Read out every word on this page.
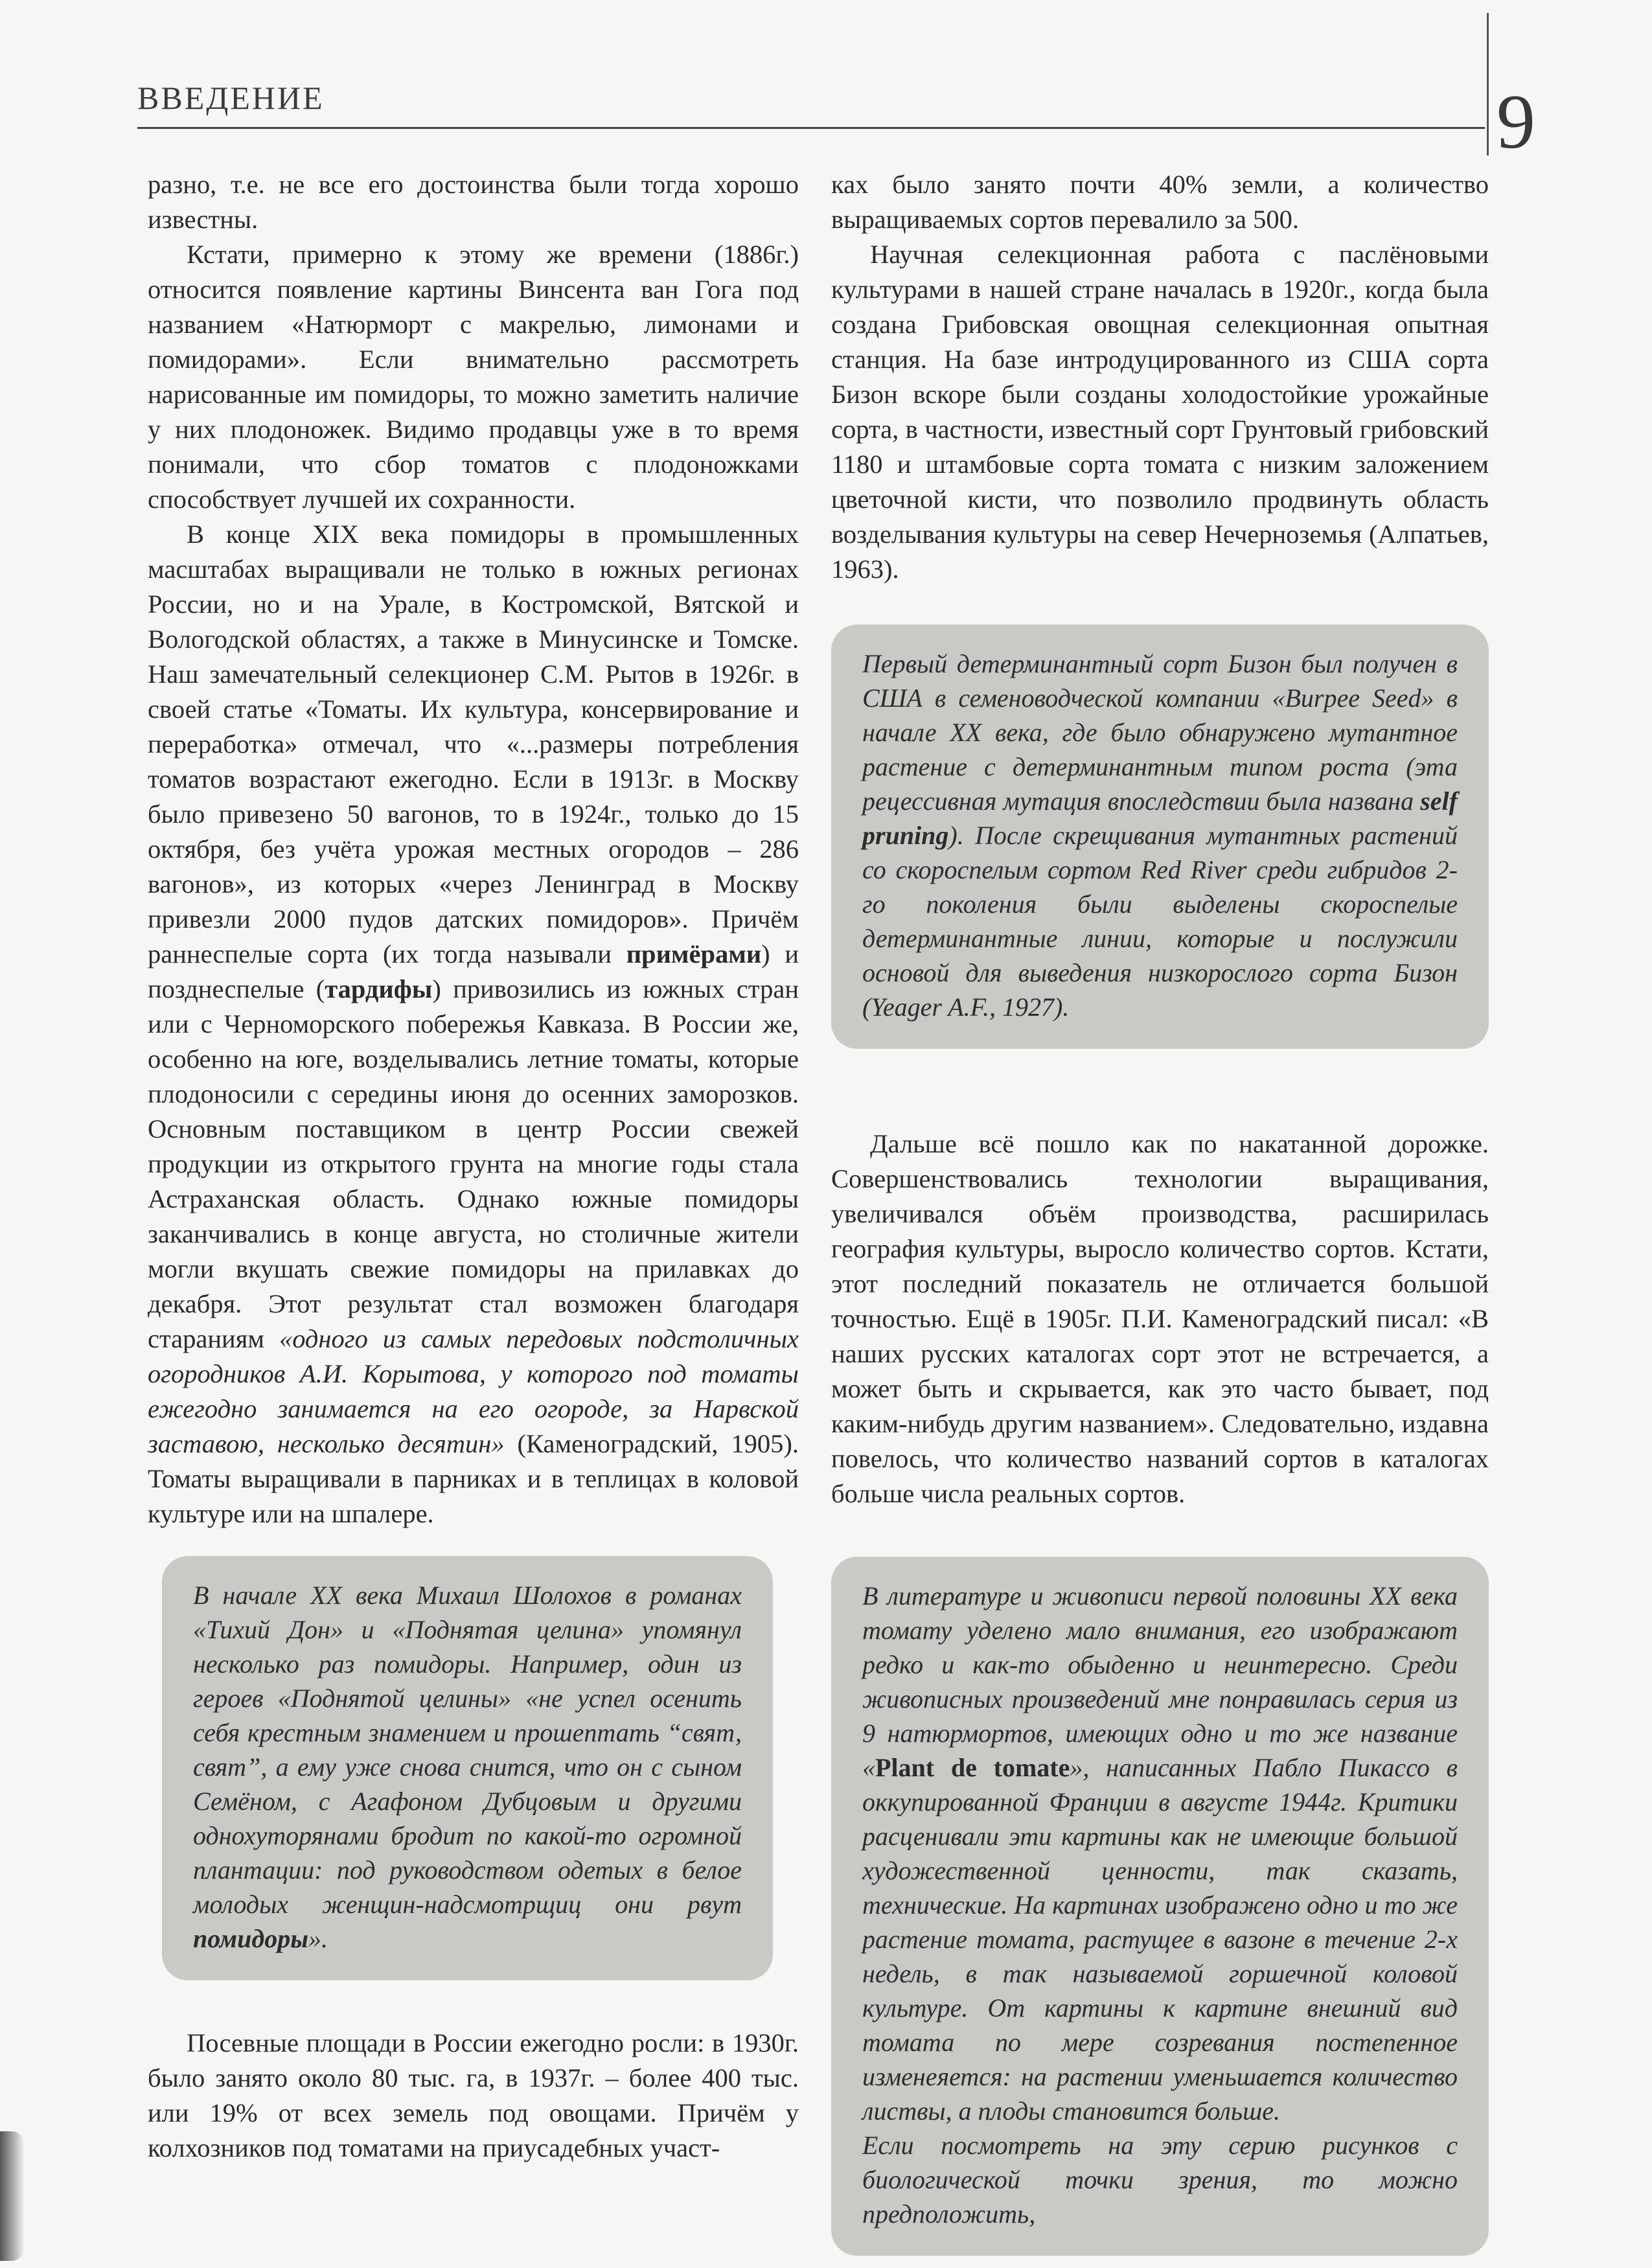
ВВЕДЕНИЕ	9

разно, т.е. не все его достоинства были тогда хорошо известны.

Кстати, примерно к этому же времени (1886г.) относится появление картины Винсента ван Гога под названием «Натюрморт с макрелью, лимонами и помидорами». Если внимательно рассмотреть нарисованные им помидоры, то можно заметить наличие у них плодоножек. Видимо продавцы уже в то время понимали, что сбор томатов с плодоножками способствует лучшей их сохранности.

В конце XIX века помидоры в промышленных масштабах выращивали не только в южных регионах России, но и на Урале, в Костромской, Вятской и Вологодской областях, а также в Минусинске и Томске. Наш замечательный селекционер С.М. Рытов в 1926г. в своей статье «Томаты. Их культура, консервирование и переработка» отмечал, что «...размеры потребления томатов возрастают ежегодно. Если в 1913г. в Москву было привезено 50 вагонов, то в 1924г., только до 15 октября, без учёта урожая местных огородов – 286 вагонов», из которых «через Ленинград в Москву привезли 2000 пудов датских помидоров». Причём раннеспелые сорта (их тогда называли примёрами) и позднеспелые (тардифы) привозились из южных стран или с Черноморского побережья Кавказа. В России же, особенно на юге, возделывались летние томаты, которые плодоносили с середины июня до осенних заморозков. Основным поставщиком в центр России свежей продукции из открытого грунта на многие годы стала Астраханская область. Однако южные помидоры заканчивались в конце августа, но столичные жители могли вкушать свежие помидоры на прилавках до декабря. Этот результат стал возможен благодаря стараниям «одного из самых передовых подстоличных огородников А.И. Корытова, у которого под томаты ежегодно занимается на его огороде, за Нарвской заставою, несколько десятин» (Каменоградский, 1905). Томаты выращивали в парниках и в теплицах в коловой культуре или на шпалере.

В начале XX века Михаил Шолохов в романах «Тихий Дон» и «Поднятая целина» упомянул несколько раз помидоры. Например, один из героев «Поднятой целины» «не успел осенить себя крестным знамением и прошептать “свят, свят”, а ему уже снова снится, что он с сыном Семёном, с Агафоном Дубцовым и другими однохуторянами бродит по какой-то огромной плантации: под руководством одетых в белое молодых женщин-надсмотрщиц они рвут помидоры».

Посевные площади в России ежегодно росли: в 1930г. было занято около 80 тыс. га, в 1937г. – более 400 тыс. или 19% от всех земель под овощами. Причём у колхозников под томатами на приусадебных участ-

ках было занято почти 40% земли, а количество выращиваемых сортов перевалило за 500.

Научная селекционная работа с паслёновыми культурами в нашей стране началась в 1920г., когда была создана Грибовская овощная селекционная опытная станция. На базе интродуцированного из США сорта Бизон вскоре были созданы холодостойкие урожайные сорта, в частности, известный сорт Грунтовый грибовский 1180 и штамбовые сорта томата с низким заложением цветочной кисти, что позволило продвинуть область возделывания культуры на север Нечерноземья (Алпатьев, 1963).

Первый детерминантный сорт Бизон был получен в США в семеноводческой компании «Burpee Seed» в начале XX века, где было обнаружено мутантное растение с детерминантным типом роста (эта рецессивная мутация впоследствии была названа self pruning). После скрещивания мутантных растений со скороспелым сортом Red River среди гибридов 2-го поколения были выделены скороспелые детерминантные линии, которые и послужили основой для выведения низкорослого сорта Бизон (Yeager A.F., 1927).

Дальше всё пошло как по накатанной дорожке. Совершенствовались технологии выращивания, увеличивался объём производства, расширилась география культуры, выросло количество сортов. Кстати, этот последний показатель не отличается большой точностью. Ещё в 1905г. П.И. Каменоградский писал: «В наших русских каталогах сорт этот не встречается, а может быть и скрывается, как это часто бывает, под каким-нибудь другим названием». Следовательно, издавна повелось, что количество названий сортов в каталогах больше числа реальных сортов.

В литературе и живописи первой половины XX века томату уделено мало внимания, его изображают редко и как-то обыденно и неинтересно. Среди живописных произведений мне понравилась серия из 9 натюрмортов, имеющих одно и то же название «Plant de tomate», написанных Пабло Пикассо в оккупированной Франции в августе 1944г. Критики расценивали эти картины как не имеющие большой художественной ценности, так сказать, технические. На картинах изображено одно и то же растение томата, растущее в вазоне в течение 2-х недель, в так называемой горшечной коловой культуре. От картины к картине внешний вид томата по мере созревания постепенное изменеяется: на растении уменьшается количество листвы, а плоды становится больше.

Если посмотреть на эту серию рисунков с биологической точки зрения, то можно предположить,
